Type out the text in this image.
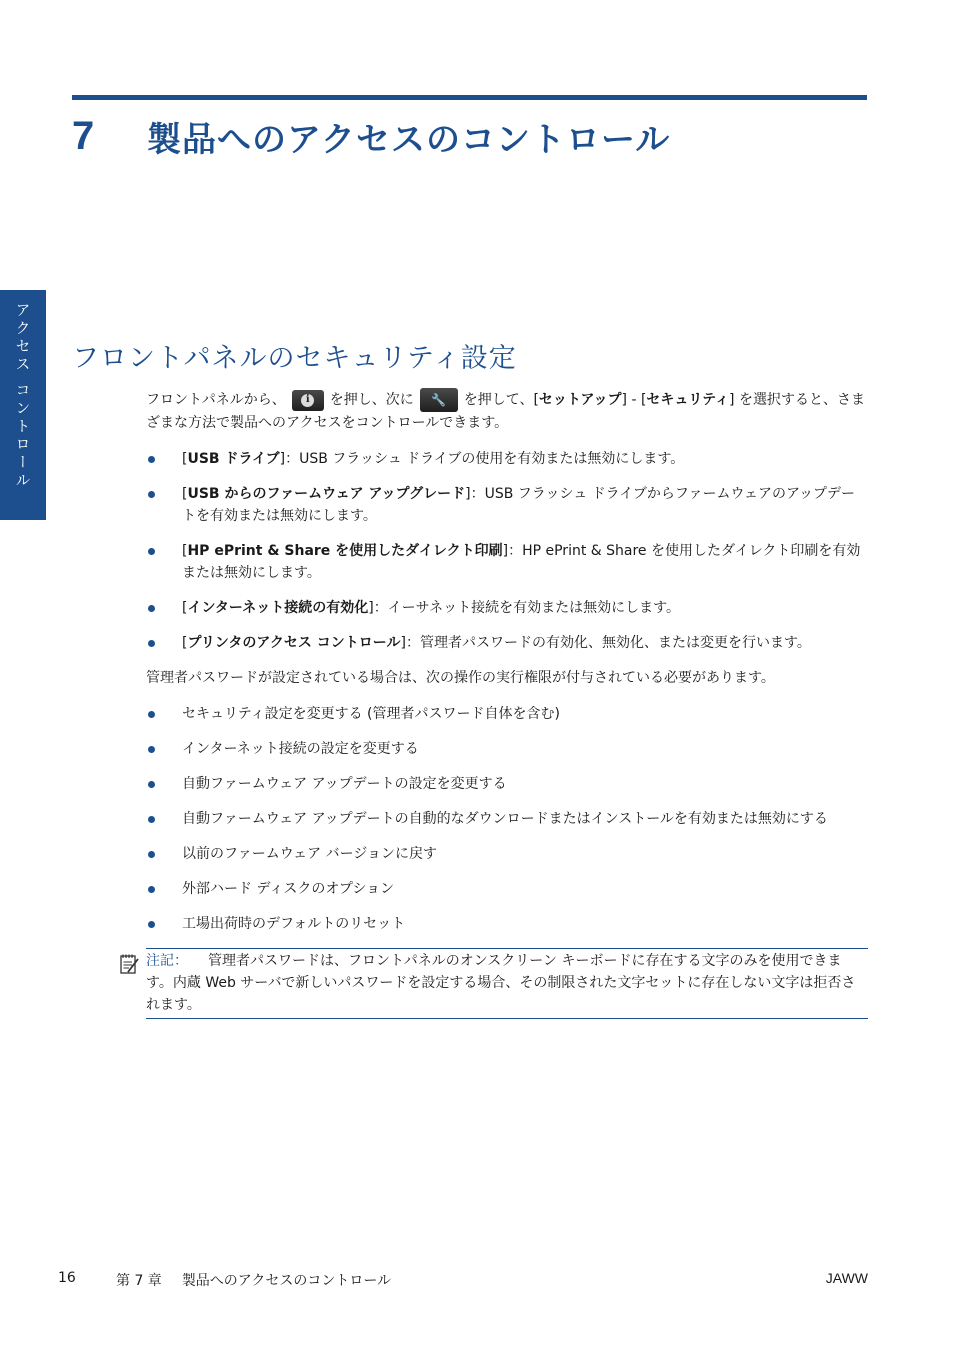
7	製品へのアクセスのコントロール
アクセス コントロール フロントパネルのセキュリティ設定

フロントパネルから、	i	を押し、次に 🔧 を押して、[セットアップ] - [セキュリティ] を選択すると、さまざまな方法で製品へのアクセスをコントロールできます。

[USB ドライブ]：USB フラッシュ ドライブの使用を有効または無効にします。
[USB からのファームウェア アップグレード]：USB フラッシュ ドライブからファームウェアのアップデートを有効または無効にします。
[HP ePrint & Share を使用したダイレクト印刷]：HP ePrint & Share を使用したダイレクト印刷を有効または無効にします。
[インターネット接続の有効化]：イーサネット接続を有効または無効にします。
[プリンタのアクセス コントロール]：管理者パスワードの有効化、無効化、または変更を行います。

管理者パスワードが設定されている場合は、次の操作の実行権限が付与されている必要があります。

セキュリティ設定を変更する (管理者パスワード自体を含む)
インターネット接続の設定を変更する
自動ファームウェア アップデートの設定を変更する
自動ファームウェア アップデートの自動的なダウンロードまたはインストールを有効または無効にする
以前のファームウェア バージョンに戻す
外部ハード ディスクのオプション
工場出荷時のデフォルトのリセット
注記： 管理者パスワードは、フロントパネルのオンスクリーン キーボードに存在する文字のみを使用できます。内蔵 Web サーバで新しいパスワードを設定する場合、その制限された文字セットに存在しない文字は拒否されます。
16	第 7 章 製品へのアクセスのコントロール	JAWW
